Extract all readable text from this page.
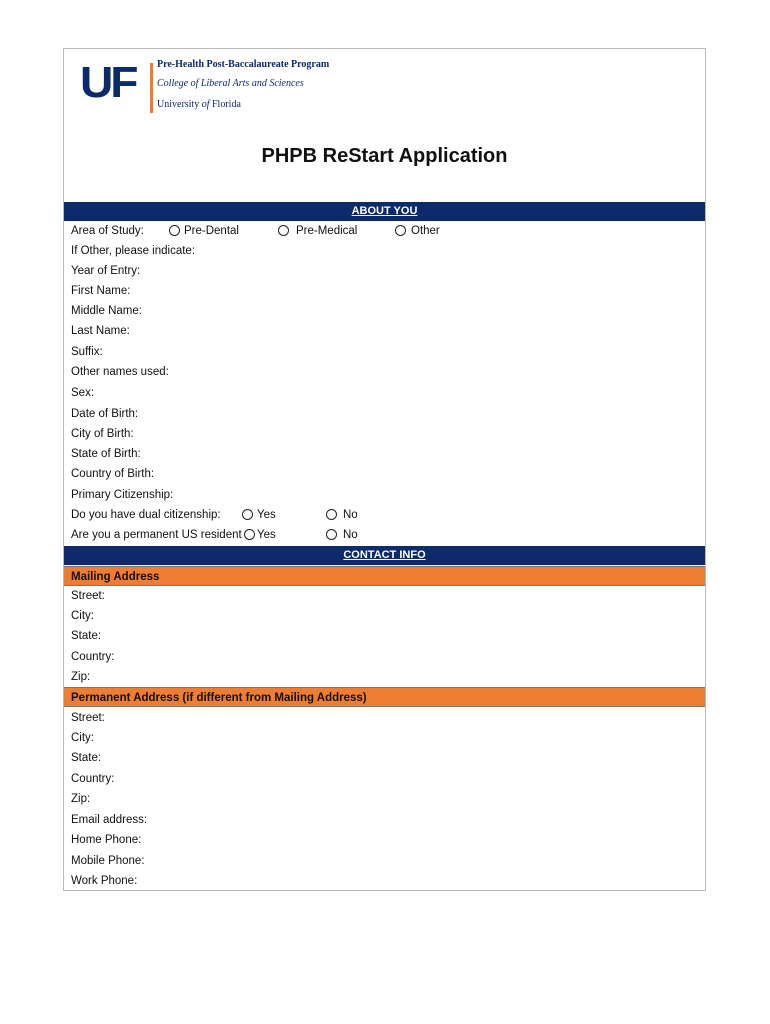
UF Pre-Health Post-Baccalaureate Program
College of Liberal Arts and Sciences
University of Florida
PHPB ReStart Application
ABOUT YOU
Area of Study:	Pre-Dental	Pre-Medical	Other
If Other, please indicate:
Year of Entry:
First Name:
Middle Name:
Last Name:
Suffix:
Other names used:
Sex:
Date of Birth:
City of Birth:
State of Birth:
Country of Birth:
Primary Citizenship:
Do you have dual citizenship:	Yes	No
Are you a permanent US resident Yes	No
CONTACT INFO
Mailing Address
Street:
City:
State:
Country:
Zip:
Permanent Address (if different from Mailing Address)
Street:
City:
State:
Country:
Zip:
Email address:
Home Phone:
Mobile Phone:
Work Phone:
